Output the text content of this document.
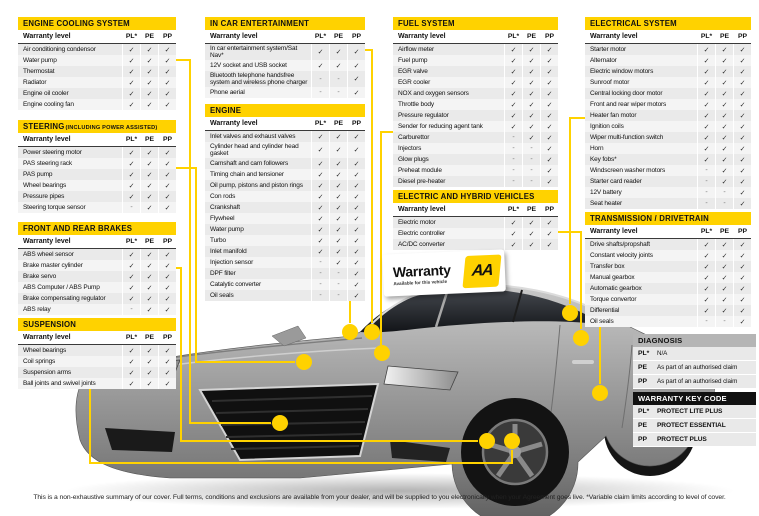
ENGINE COOLING SYSTEM
Warranty level	PL*	PE	PP
Air conditioning condensor	✓	✓	✓
Water pump	✓	✓	✓
Thermostat	✓	✓	✓
Radiator	✓	✓	✓
Engine oil cooler	✓	✓	✓
Engine cooling fan	✓	✓	✓
STEERING(INCLUDING POWER ASSISTED)
Warranty level	PL*	PE	PP
Power steering motor	✓	✓	✓
PAS steering rack	✓	✓	✓
PAS pump	✓	✓	✓
Wheel bearings	✓	✓	✓
Pressure pipes	✓	✓	✓
Steering torque sensor	-	✓	✓
FRONT AND REAR BRAKES
Warranty level	PL*	PE	PP
ABS wheel sensor	✓	✓	✓
Brake master cylinder	✓	✓	✓
Brake servo	✓	✓	✓
ABS Computer / ABS Pump	✓	✓	✓
Brake compensating regulator	✓	✓	✓
ABS relay	-	✓	✓
SUSPENSION
Warranty level	PL*	PE	PP
Wheel bearings	✓	✓	✓
Coil springs	✓	✓	✓
Suspension arms	✓	✓	✓
Ball joints and swivel joints	✓	✓	✓
IN CAR ENTERTAINMENT
Warranty level	PL*	PE	PP
In car entertainment system/Sat Nav*	✓	✓	✓
12V socket and USB socket	✓	✓	✓
Bluetooth telephone handsfree system and wireless phone charger	-	-	✓
Phone aerial	-	-	✓
ENGINE
Warranty level	PL*	PE	PP
Inlet valves and exhaust valves	✓	✓	✓
Cylinder head and cylinder head gasket	✓	✓	✓
Camshaft and cam followers	✓	✓	✓
Timing chain and tensioner	✓	✓	✓
Oil pump, pistons and piston rings	✓	✓	✓
Con rods	✓	✓	✓
Crankshaft	✓	✓	✓
Flywheel	✓	✓	✓
Water pump	✓	✓	✓
Turbo	✓	✓	✓
Inlet manifold	✓	✓	✓
Injection sensor	-	✓	✓
DPF filter	-	-	✓
Catalytic converter	-	-	✓
Oil seals	-	-	✓
FUEL SYSTEM
Warranty level	PL*	PE	PP
Airflow meter	✓	✓	✓
Fuel pump	✓	✓	✓
EGR valve	✓	✓	✓
EGR cooler	✓	✓	✓
NOX and oxygen sensors	✓	✓	✓
Throttle body	✓	✓	✓
Pressure regulator	✓	✓	✓
Sender for reducing agent tank	✓	✓	✓
Carburettor	-	✓	✓
Injectors	-	-	✓
Glow plugs	-	-	✓
Preheat module	-	-	✓
Diesel pre-heater	-	-	✓
ELECTRIC AND HYBRID VEHICLES
Warranty level	PL*	PE	PP
Electric motor	✓	✓	✓
Electric controller	✓	✓	✓
AC/DC converter	✓	✓	✓
ELECTRICAL SYSTEM
Warranty level	PL*	PE	PP
Starter motor	✓	✓	✓
Alternator	✓	✓	✓
Electric window motors	✓	✓	✓
Sunroof motor	✓	✓	✓
Central locking door motor	✓	✓	✓
Front and rear wiper motors	✓	✓	✓
Heater fan motor	✓	✓	✓
Ignition coils	✓	✓	✓
Wiper multi-function switch	✓	✓	✓
Horn	✓	✓	✓
Key fobs*	✓	✓	✓
Windscreen washer motors	-	✓	✓
Starter card reader	-	✓	✓
12V battery	-	-	✓
Seat heater	-	-	✓
TRANSMISSION / DRIVETRAIN
Warranty level	PL*	PE	PP
Drive shafts/propshaft	✓	✓	✓
Constant velocity joints	✓	✓	✓
Transfer box	✓	✓	✓
Manual gearbox	✓	✓	✓
Automatic gearbox	✓	✓	✓
Torque convertor	✓	✓	✓
Differential	✓	✓	✓
Oil seals	-	-	✓
DIAGNOSIS
PL*	N/A
PE	As part of an authorised claim
PP	As part of an authorised claim
WARRANTY KEY CODE
PL*	PROTECT LITE PLUS
PE	PROTECT ESSENTIAL
PP	PROTECT PLUS
Warranty
Available for this vehicle
AA
This is a non-exhaustive summary of our cover. Full terms, conditions and exclusions are available from your dealer, and will be supplied to you electronically when your Agreement goes live. *Variable claim limits according to level of cover.
